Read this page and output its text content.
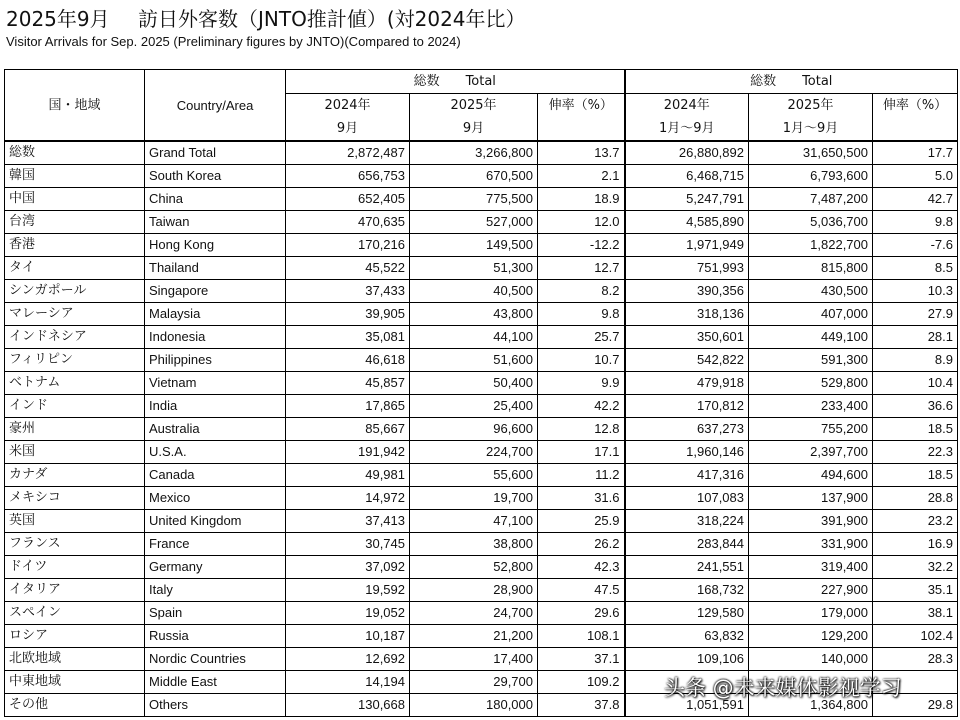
2025年9月 訪日外客数（JNTO推計値）(対2024年比）
Visitor Arrivals for Sep. 2025 (Preliminary figures by JNTO)(Compared to 2024)
国・地域	Country/Area	総数　　Total			総数　　Total		
		2024年	2025年	伸率（%）	2024年	2025年	伸率（%）
		9月	9月		1月～9月	1月～9月	
総数	Grand Total	2,872,487	3,266,800	13.7	26,880,892	31,650,500	17.7
韓国	South Korea	656,753	670,500	2.1	6,468,715	6,793,600	5.0
中国	China	652,405	775,500	18.9	5,247,791	7,487,200	42.7
台湾	Taiwan	470,635	527,000	12.0	4,585,890	5,036,700	9.8
香港	Hong Kong	170,216	149,500	-12.2	1,971,949	1,822,700	-7.6
タイ	Thailand	45,522	51,300	12.7	751,993	815,800	8.5
シンガポール	Singapore	37,433	40,500	8.2	390,356	430,500	10.3
マレーシア	Malaysia	39,905	43,800	9.8	318,136	407,000	27.9
インドネシア	Indonesia	35,081	44,100	25.7	350,601	449,100	28.1
フィリピン	Philippines	46,618	51,600	10.7	542,822	591,300	8.9
ベトナム	Vietnam	45,857	50,400	9.9	479,918	529,800	10.4
インド	India	17,865	25,400	42.2	170,812	233,400	36.6
豪州	Australia	85,667	96,600	12.8	637,273	755,200	18.5
米国	U.S.A.	191,942	224,700	17.1	1,960,146	2,397,700	22.3
カナダ	Canada	49,981	55,600	11.2	417,316	494,600	18.5
メキシコ	Mexico	14,972	19,700	31.6	107,083	137,900	28.8
英国	United Kingdom	37,413	47,100	25.9	318,224	391,900	23.2
フランス	France	30,745	38,800	26.2	283,844	331,900	16.9
ドイツ	Germany	37,092	52,800	42.3	241,551	319,400	32.2
イタリア	Italy	19,592	28,900	47.5	168,732	227,900	35.1
スペイン	Spain	19,052	24,700	29.6	129,580	179,000	38.1
ロシア	Russia	10,187	21,200	108.1	63,832	129,200	102.4
北欧地域	Nordic Countries	12,692	17,400	37.1	109,106	140,000	28.3
中東地域	Middle East	14,194	29,700	109.2			
その他	Others	130,668	180,000	37.8	1,051,591	1,364,800	29.8
头条 @未来媒体影视学习
